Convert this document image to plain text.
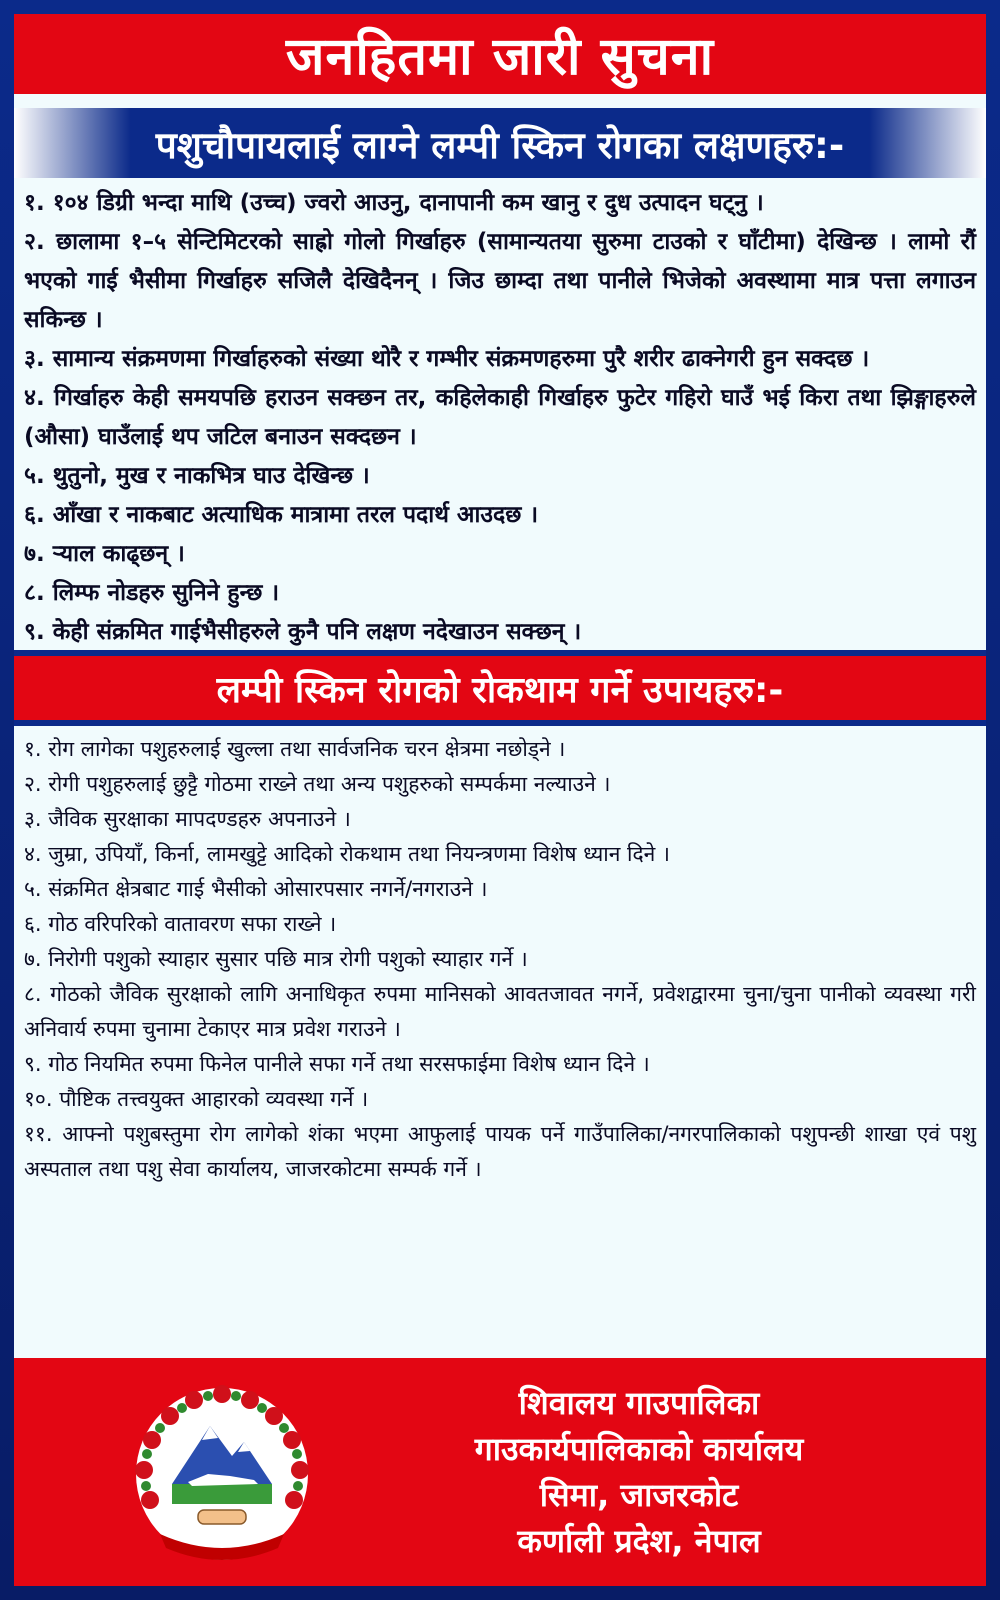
जनहितमा जारी सुचना
पशुचौपायलाई लाग्ने लम्पी स्किन रोगका लक्षणहरु:-

१. १०४ डिग्री भन्दा माथि (उच्च) ज्वरो आउनु, दानापानी कम खानु र दुध उत्पादन घट्नु ।

२. छालामा १–५ सेन्टिमिटरको साह्रो गोलो गिर्खाहरु (सामान्यतया सुरुमा टाउको र घाँटीमा) देखिन्छ । लामो रौं भएको गाई भैसीमा गिर्खाहरु सजिलै देखिदैनन् । जिउ छाम्दा तथा पानीले भिजेको अवस्थामा मात्र पत्ता लगाउन सकिन्छ ।

३. सामान्य संक्रमणमा गिर्खाहरुको संख्या थोरै र गम्भीर संक्रमणहरुमा पुरै शरीर ढाक्नेगरी हुन सक्दछ ।

४. गिर्खाहरु केही समयपछि हराउन सक्छन तर, कहिलेकाही गिर्खाहरु फुटेर गहिरो घाउँ भई किरा तथा झिङ्गाहरुले (औसा) घाउँलाई थप जटिल बनाउन सक्दछन ।

५. थुतुनो, मुख र नाकभित्र घाउ देखिन्छ ।

६. आँखा र नाकबाट अत्याधिक मात्रामा तरल पदार्थ आउदछ ।

७. र्‍याल काढ्छन् ।

८. लिम्फ नोडहरु सुनिने हुन्छ ।

९. केही संक्रमित गाईभैसीहरुले कुनै पनि लक्षण नदेखाउन सक्छन् ।

लम्पी स्किन रोगको रोकथाम गर्ने उपायहरु:-

१. रोग लागेका पशुहरुलाई खुल्ला तथा सार्वजनिक चरन क्षेत्रमा नछोड्ने ।

२. रोगी पशुहरुलाई छुट्टै गोठमा राख्ने तथा अन्य पशुहरुको सम्पर्कमा नल्याउने ।

३. जैविक सुरक्षाका मापदण्डहरु अपनाउने ।

४. जुम्रा, उपियाँ, किर्ना, लामखुट्टे आदिको रोकथाम तथा नियन्त्रणमा विशेष ध्यान दिने ।

५. संक्रमित क्षेत्रबाट गाई भैसीको ओसारपसार नगर्ने/नगराउने ।

६. गोठ वरिपरिको वातावरण सफा राख्ने ।

७. निरोगी पशुको स्याहार सुसार पछि मात्र रोगी पशुको स्याहार गर्ने ।

८. गोठको जैविक सुरक्षाको लागि अनाधिकृत रुपमा मानिसको आवतजावत नगर्ने, प्रवेशद्वारमा चुना/चुना पानीको व्यवस्था गरी अनिवार्य रुपमा चुनामा टेकाएर मात्र प्रवेश गराउने ।

९. गोठ नियमित रुपमा फिनेल पानीले सफा गर्ने तथा सरसफाईमा विशेष ध्यान दिने ।

१०. पौष्टिक तत्त्वयुक्त आहारको व्यवस्था गर्ने ।

११. आफ्नो पशुबस्तुमा रोग लागेको शंका भएमा आफुलाई पायक पर्ने गाउँपालिका/नगरपालिकाको पशुपन्छी शाखा एवं पशु अस्पताल तथा पशु सेवा कार्यालय, जाजरकोटमा सम्पर्क गर्ने ।

शिवालय गाउपालिका
गाउकार्यपालिकाको कार्यालय
सिमा, जाजरकोट
कर्णाली प्रदेश, नेपाल
